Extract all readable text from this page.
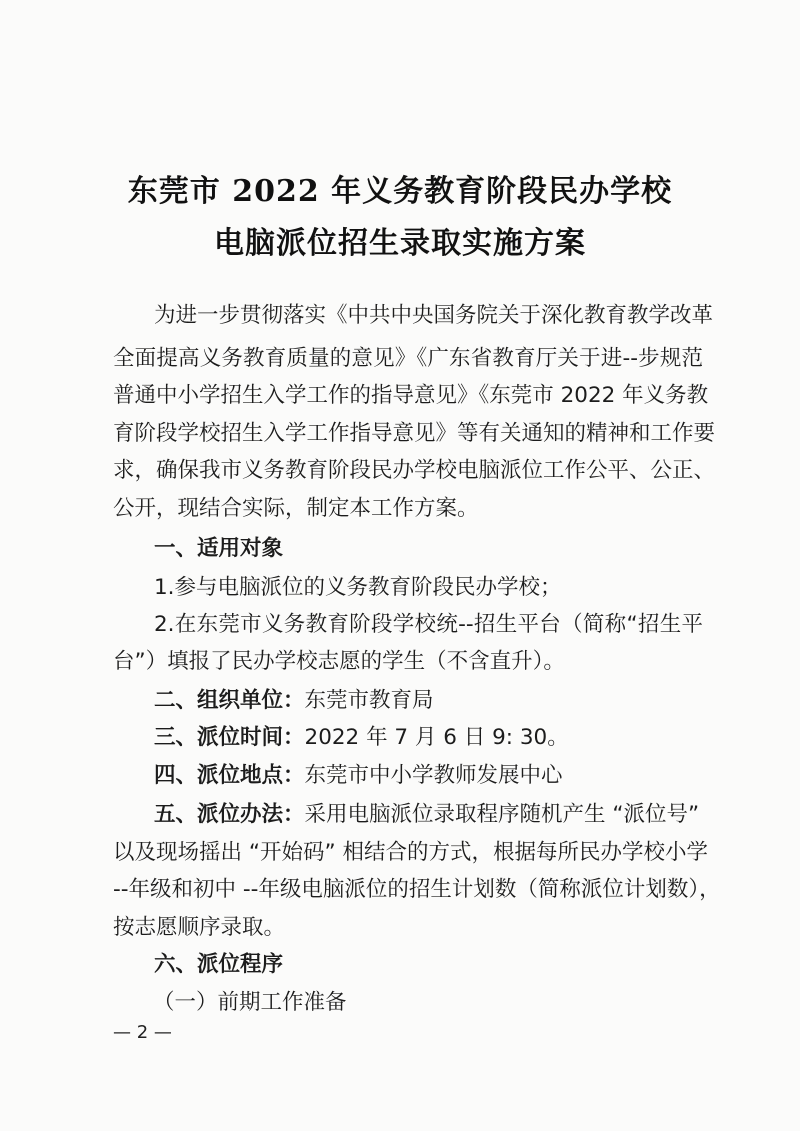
东莞市 2022 年义务教育阶段民办学校
电脑派位招生录取实施方案
为进一步贯彻落实《中共中央国务院关于深化教育教学改革
全面提高义务教育质量的意见》《广东省教育厅关于进--步规范
普通中小学招生入学工作的指导意见》《东莞市 2022 年义务教
育阶段学校招生入学工作指导意见》等有关通知的精神和工作要
求，确保我市义务教育阶段民办学校电脑派位工作公平、公正、
公开，现结合实际，制定本工作方案。
一、适用对象
1.参与电脑派位的义务教育阶段民办学校；
2.在东莞市义务教育阶段学校统--招生平台（简称“招生平
台”）填报了民办学校志愿的学生（不含直升）。
二、组织单位：东莞市教育局
三、派位时间：2022 年 7 月 6 日 9: 30。
四、派位地点：东莞市中小学教师发展中心
五、派位办法：采用电脑派位录取程序随机产生 “派位号”
以及现场摇出 “开始码” 相结合的方式，根据每所民办学校小学
--年级和初中 --年级电脑派位的招生计划数（简称派位计划数），
按志愿顺序录取。
六、派位程序
（一）前期工作准备
— 2 —
